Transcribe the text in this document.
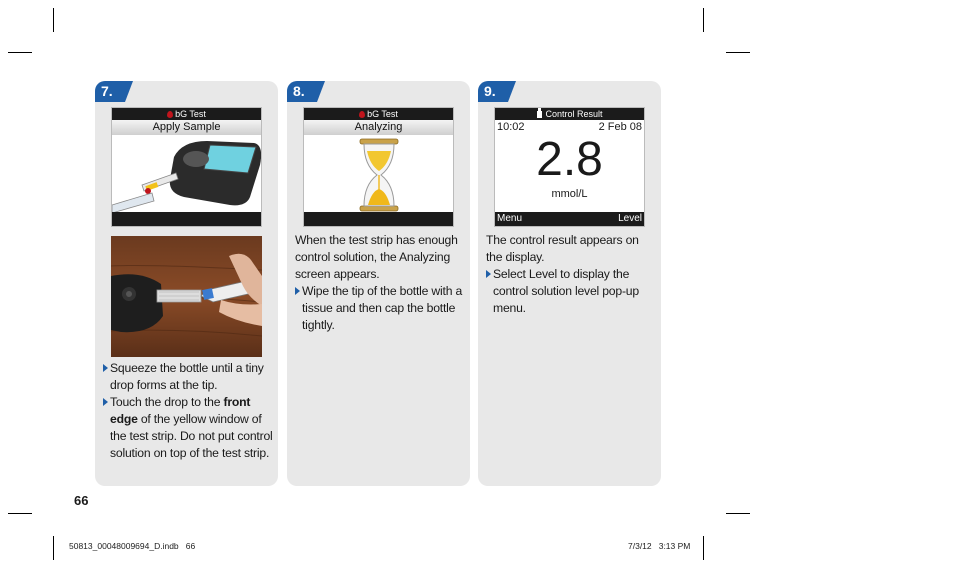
7.
bG Test
Apply Sample
Squeeze the bottle until a tiny drop forms at the tip.
Touch the drop to the front edge of the yellow window of the test strip. Do not put control solution on top of the test strip.
8.
bG Test
Analyzing
When the test strip has enough control solution, the Analyzing screen appears.
Wipe the tip of the bottle with a tissue and then cap the bottle tightly.
9.
Control Result
10:02	2 Feb 08
2.8
mmol/L
Menu	Level
The control result appears on the display.
Select Level to display the control solution level pop-up menu.
66
50813_00048009694_D.indb   66	7/3/12   3:13 PM
